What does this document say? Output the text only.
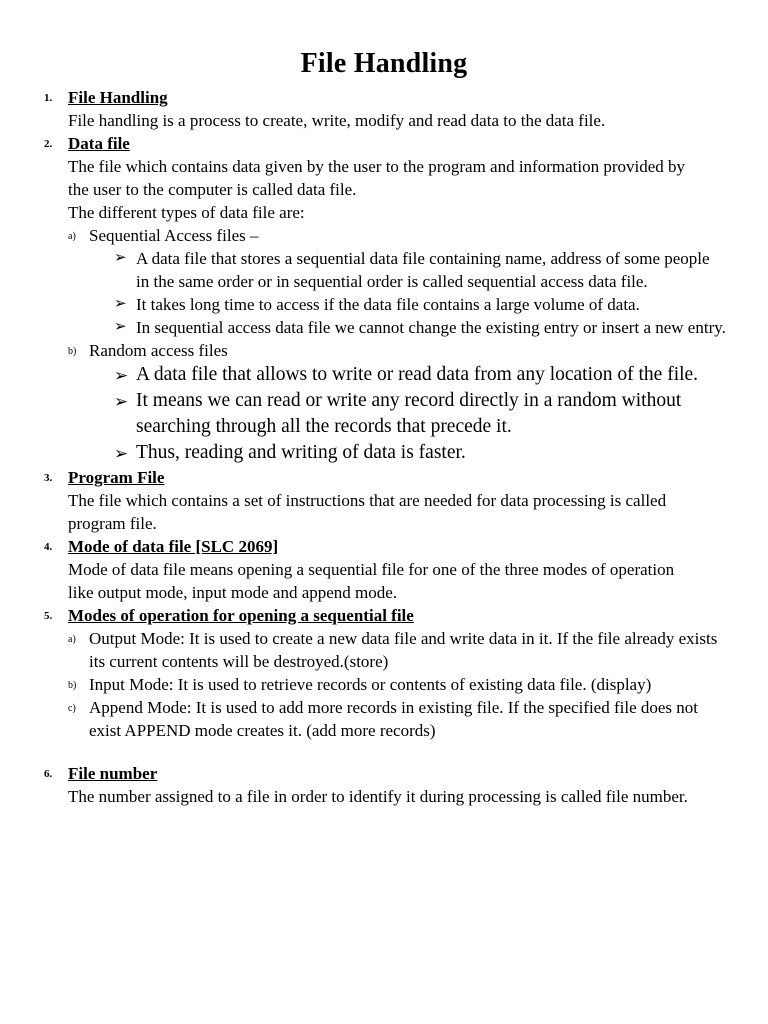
File Handling
1. File Handling
File handling is a process to create, write, modify and read data to the data file.
2. Data file
The file which contains data given by the user to the program and information provided by the user to the computer is called data file.
The different types of data file are:
a) Sequential Access files –
➢ A data file that stores a sequential data file containing name, address of some people in the same order or in sequential order is called sequential access data file.
➢ It takes long time to access if the data file contains a large volume of data.
➢ In sequential access data file we cannot change the existing entry or insert a new entry.
b) Random access files
➢ A data file that allows to write or read data from any location of the file.
➢ It means we can read or write any record directly in a random without searching through all the records that precede it.
➢ Thus, reading and writing of data is faster.
3. Program File
The file which contains a set of instructions that are needed for data processing is called program file.
4. Mode of data file [SLC 2069]
Mode of data file means opening a sequential file for one of the three modes of operation like output mode, input mode and append mode.
5. Modes of operation for opening a sequential file
a) Output Mode: It is used to create a new data file and write data in it. If the file already exists its current contents will be destroyed.(store)
b) Input Mode: It is used to retrieve records or contents of existing data file. (display)
c) Append Mode: It is used to add more records in existing file. If the specified file does not exist APPEND mode creates it. (add more records)
6. File number
The number assigned to a file in order to identify it during processing is called file number.
